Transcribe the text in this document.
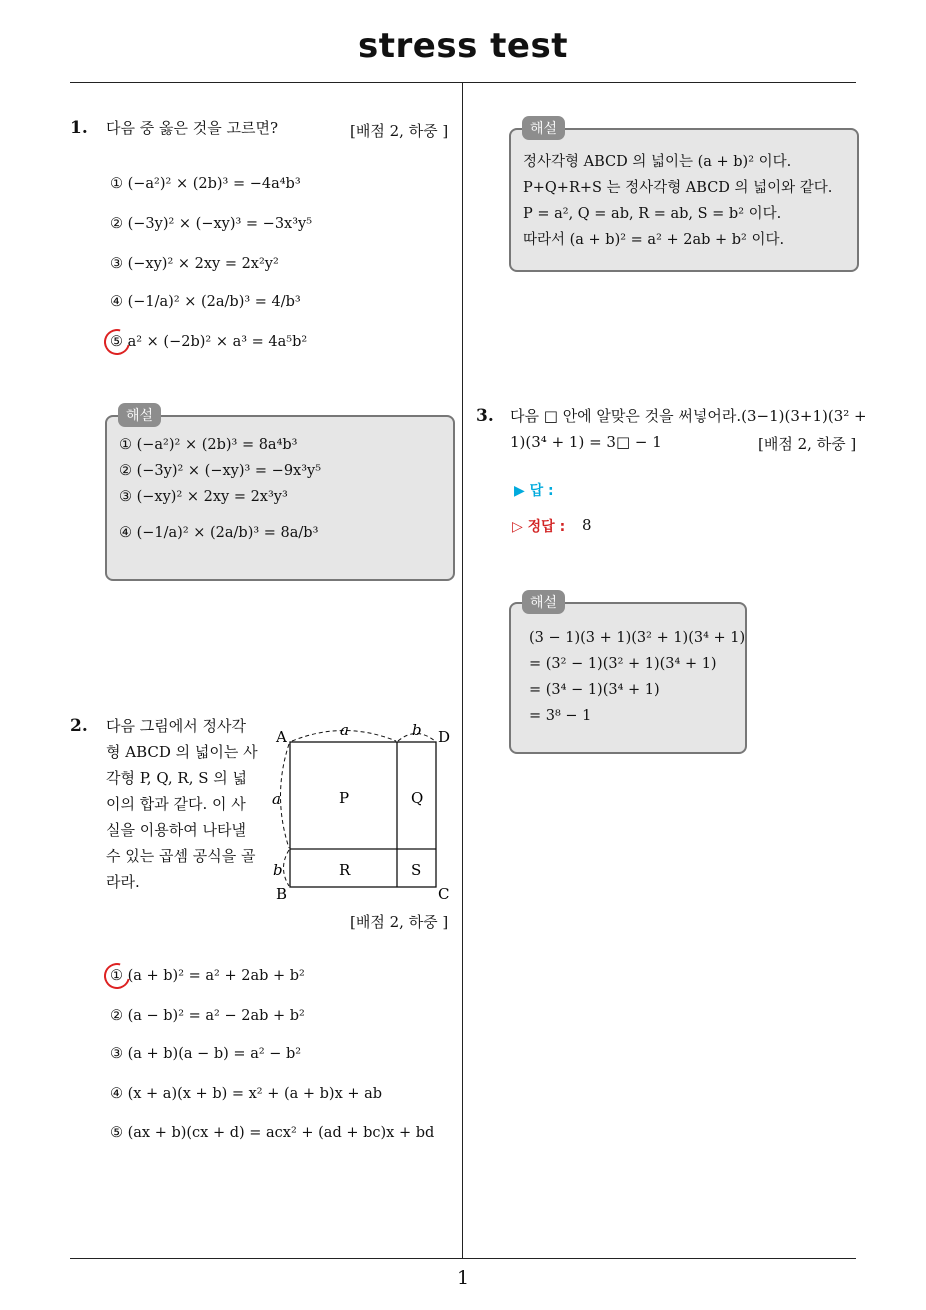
stress test
1
1. 다음 중 옳은 것을 고르면?	[배점 2, 하중 ]
① (−a²)² × (2b)³ = −4a⁴b³
② (−3y)² × (−xy)³ = −3x³y⁵
③ (−xy)² × 2xy = 2x²y²
④ (−1/a)² × (2a/b)³ = 4/b³
⑤ a² × (−2b)² × a³ = 4a⁵b²
① (−a²)² × (2b)³ = 8a⁴b³
② (−3y)² × (−xy)³ = −9x³y⁵
③ (−xy)² × 2xy = 2x³y³
④ (−1/a)² × (2a/b)³ = 8a/b³
해설
2. 다음 그림에서 정사각
형 ABCD 의 넓이는 사
각형 P, Q, R, S 의 넓
이의 합과 같다. 이 사
실을 이용하여 나타낼
수 있는 곱셈 공식을 골
라라.
A	D
B	C
P	Q
R	S
a	b
a
b
[배점 2, 하중 ]
① (a + b)² = a² + 2ab + b²
② (a − b)² = a² − 2ab + b²
③ (a + b)(a − b) = a² − b²
④ (x + a)(x + b) = x² + (a + b)x + ab
⑤ (ax + b)(cx + d) = acx² + (ad + bc)x + bd
정사각형 ABCD 의 넓이는 (a + b)² 이다.
P+Q+R+S 는 정사각형 ABCD 의 넓이와 같다.
P = a², Q = ab, R = ab, S = b² 이다.
따라서 (a + b)² = a² + 2ab + b² 이다.
해설
3. 다음 □ 안에 알맞은 것을 써넣어라.(3−1)(3+1)(3² +
1)(3⁴ + 1) = 3□ − 1	[배점 2, 하중 ]
▶ 답 :
▷ 정답 : 8
(3 − 1)(3 + 1)(3² + 1)(3⁴ + 1)
= (3² − 1)(3² + 1)(3⁴ + 1)
= (3⁴ − 1)(3⁴ + 1)
= 3⁸ − 1
해설
